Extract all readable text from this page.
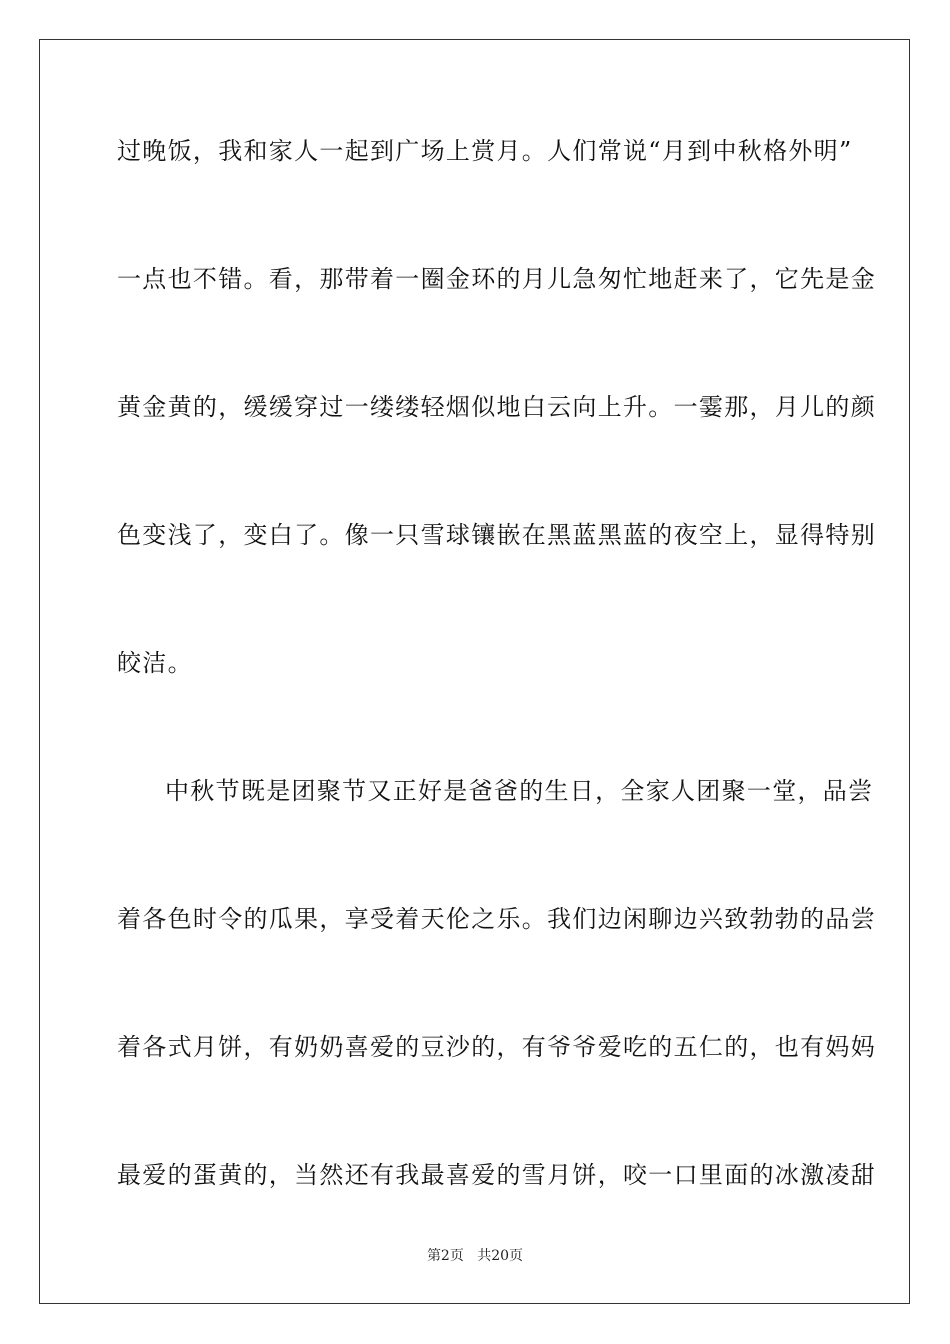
过晚饭，我和家人一起到广场上赏月。人们常说“月到中秋格外明”
一点也不错。看，那带着一圈金环的月儿急匆忙地赶来了，它先是金
黄金黄的，缓缓穿过一缕缕轻烟似地白云向上升。一霎那，月儿的颜
色变浅了，变白了。像一只雪球镶嵌在黑蓝黑蓝的夜空上，显得特别
皎洁。
中秋节既是团聚节又正好是爸爸的生日，全家人团聚一堂，品尝
着各色时令的瓜果，享受着天伦之乐。我们边闲聊边兴致勃勃的品尝
着各式月饼，有奶奶喜爱的豆沙的，有爷爷爱吃的五仁的，也有妈妈
最爱的蛋黄的，当然还有我最喜爱的雪月饼，咬一口里面的冰激凌甜
第2页 共20页
